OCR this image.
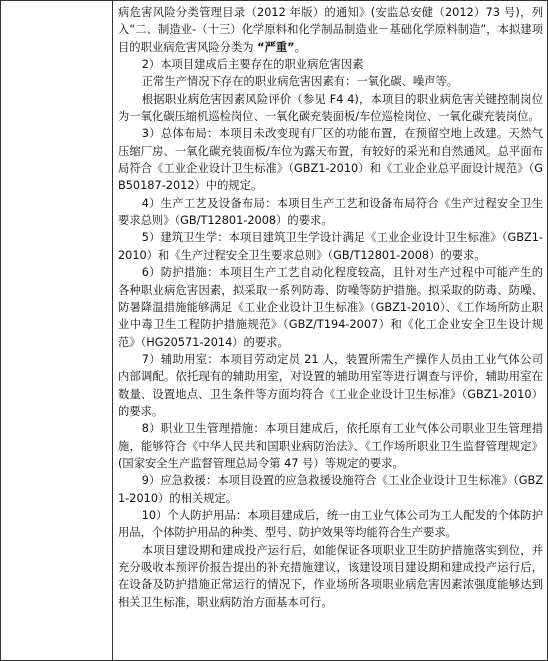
病危害风险分类管理目录（2012 年版）的通知》(安监总安健（2012）73 号)，列入“二、制造业-（十三）化学原料和化学制品制造业－基础化学原料制造”，本拟建项目的职业病危害风险分类为 “严重”。

2）本项目建成后主要存在的职业病危害因素

正常生产情况下存在的职业病危害因素有：一氧化碳、噪声等。

根据职业病危害因素风险评价（参见 F4 4)，本项目的职业病危害关键控制岗位为一氧化碳压缩机巡检岗位、一氧化碳充装面板/车位巡检岗位、一氧化碳充装岗位。

3）总体布局：本项目未改变现有厂区的功能布置，在预留空地上改建。天然气压缩厂房、一氧化碳充装面板/车位为露天布置，有较好的采光和自然通风。总平面布局符合《工业企业设计卫生标准》（GBZ1-2010）和《工业企业总平面设计规范》（GB50187-2012）中的规定。

4）生产工艺及设备布局：本项目生产工艺和设备布局符合《生产过程安全卫生要求总则》（GB/T12801-2008）的要求。

5）建筑卫生学：本项目建筑卫生学设计满足《工业企业设计卫生标准》（GBZ1-2010）和《生产过程安全卫生要求总则》（GB/T12801-2008）的要求。

6）防护措施：本项目生产工艺自动化程度较高，且针对生产过程中可能产生的各种职业病危害因素，拟采取一系列防毒、防噪等防护措施。拟采取的防毒、防噪、防暑降温措施能够满足《工业企业设计卫生标准》（GBZ1-2010）、《工作场所防止职业中毒卫生工程防护措施规范》（GBZ/T194-2007）和《化工企业安全卫生设计规范》（HG20571-2014）的要求。

7）辅助用室：本项目劳动定员 21 人，装置所需生产操作人员由工业气体公司内部调配。依托现有的辅助用室，对设置的辅助用室等进行调查与评价，辅助用室在数量、设置地点、卫生条件等方面均符合《工业企业设计卫生标准》（GBZ1-2010）的要求。

8）职业卫生管理措施：本项目建成后，依托原有工业气体公司职业卫生管理措施，能够符合《中华人民共和国职业病防治法》、《工作场所职业卫生监督管理规定》(国家安全生产监督管理总局令第 47 号）等规定的要求。

9）应急救援：本项目设置的应急救援设施符合《工业企业设计卫生标准》（GBZ1-2010）的相关规定。

10）个人防护用品：本项目建成后，统一由工业气体公司为工人配发的个体防护用品，个体防护用品的种类、型号、防护效果等均能符合生产要求。

本项目建设期和建成投产运行后，如能保证各项职业卫生防护措施落实到位，并充分吸收本预评价报告提出的补充措施建议，该建设项目建设期和建成投产运行后，在设备及防护措施正常运行的情况下，作业场所各项职业病危害因素浓强度能够达到相关卫生标准，职业病防治方面基本可行。
